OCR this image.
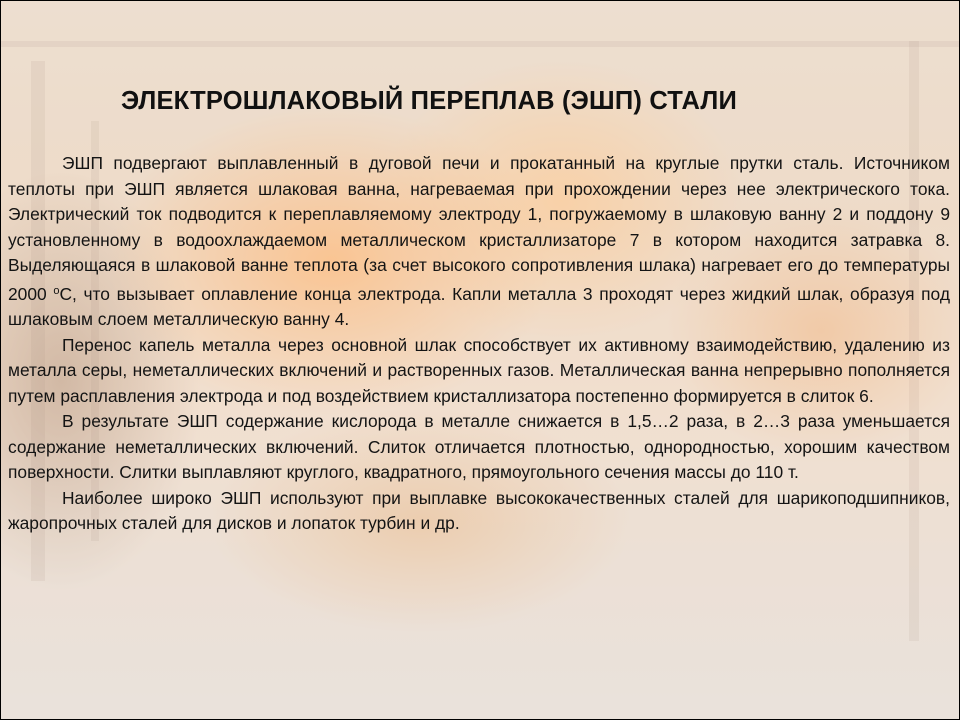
ЭЛЕКТРОШЛАКОВЫЙ ПЕРЕПЛАВ (ЭШП) СТАЛИ

ЭШП подвергают выплавленный в дуговой печи и прокатанный на круглые прутки сталь. Источником теплоты при ЭШП является шлаковая ванна, нагреваемая при прохождении через нее электрического тока. Электрический ток подводится к переплавляемому электроду 1, погружаемому в шлаковую ванну 2 и поддону 9 установленному в водоохлаждаемом металлическом кристаллизаторе 7 в котором находится затравка 8. Выделяющаяся в шлаковой ванне теплота (за счет высокого сопротивления шлака) нагревает его до температуры 2000 $^о$С, что вызывает оплавление конца электрода. Капли металла 3 проходят через жидкий шлак, образуя под шлаковым слоем металлическую ванну 4.

Перенос капель металла через основной шлак способствует их активному взаимодействию, удалению из металла серы, неметаллических включений и растворенных газов. Металлическая ванна непрерывно пополняется путем расплавления электрода и под воздействием кристаллизатора постепенно формируется в слиток 6.

В результате ЭШП содержание кислорода в металле снижается в 1,5…2 раза, в 2…3 раза уменьшается содержание неметаллических включений. Слиток отличается плотностью, однородностью, хорошим качеством поверхности. Слитки выплавляют круглого, квадратного, прямоугольного сечения массы до 110 т.

Наиболее широко ЭШП используют при выплавке высококачественных сталей для шарикоподшипников, жаропрочных сталей для дисков и лопаток турбин и др.
